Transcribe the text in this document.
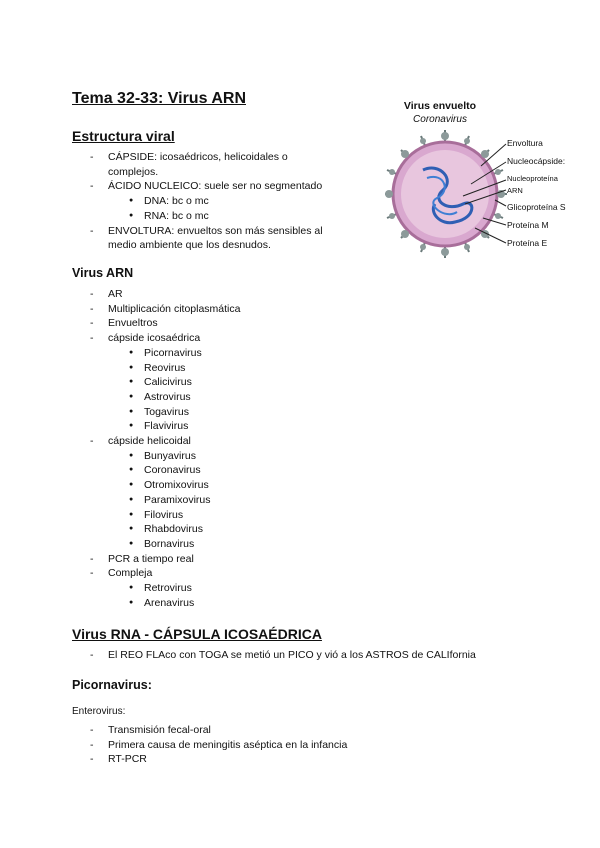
Tema 32-33: Virus ARN
Estructura viral
- CÁPSIDE: icosaédricos, helicoidales o
complejos.
- ÁCIDO NUCLEICO: suele ser no segmentado
● DNA: bc o mc
● RNA: bc o mc
- ENVOLTURA: envueltos son más sensibles al
medio ambiente que los desnudos.
Virus envuelto
Coronavirus
Envoltura
Nucleocápside:
Nucleoproteína
ARN
Glicoproteína S
Proteína M
Proteína E
Virus ARN
- AR
- Multiplicación citoplasmática
- Envueltros
- cápside icosaédrica
● Picornavirus
● Reovirus
● Calicivirus
● Astrovirus
● Togavirus
● Flavivirus
- cápside helicoidal
● Bunyavirus
● Coronavirus
● Otromixovirus
● Paramixovirus
● Filovirus
● Rhabdovirus
● Bornavirus
- PCR a tiempo real
- Compleja
● Retrovirus
● Arenavirus
Virus RNA - CÁPSULA ICOSAÉDRICA
- El REO FLAco con TOGA se metió un PICO y vió a los ASTROS de CALIfornia
Picornavirus:
Enterovirus:
- Transmisión fecal-oral
- Primera causa de meningitis aséptica en la infancia
- RT-PCR
